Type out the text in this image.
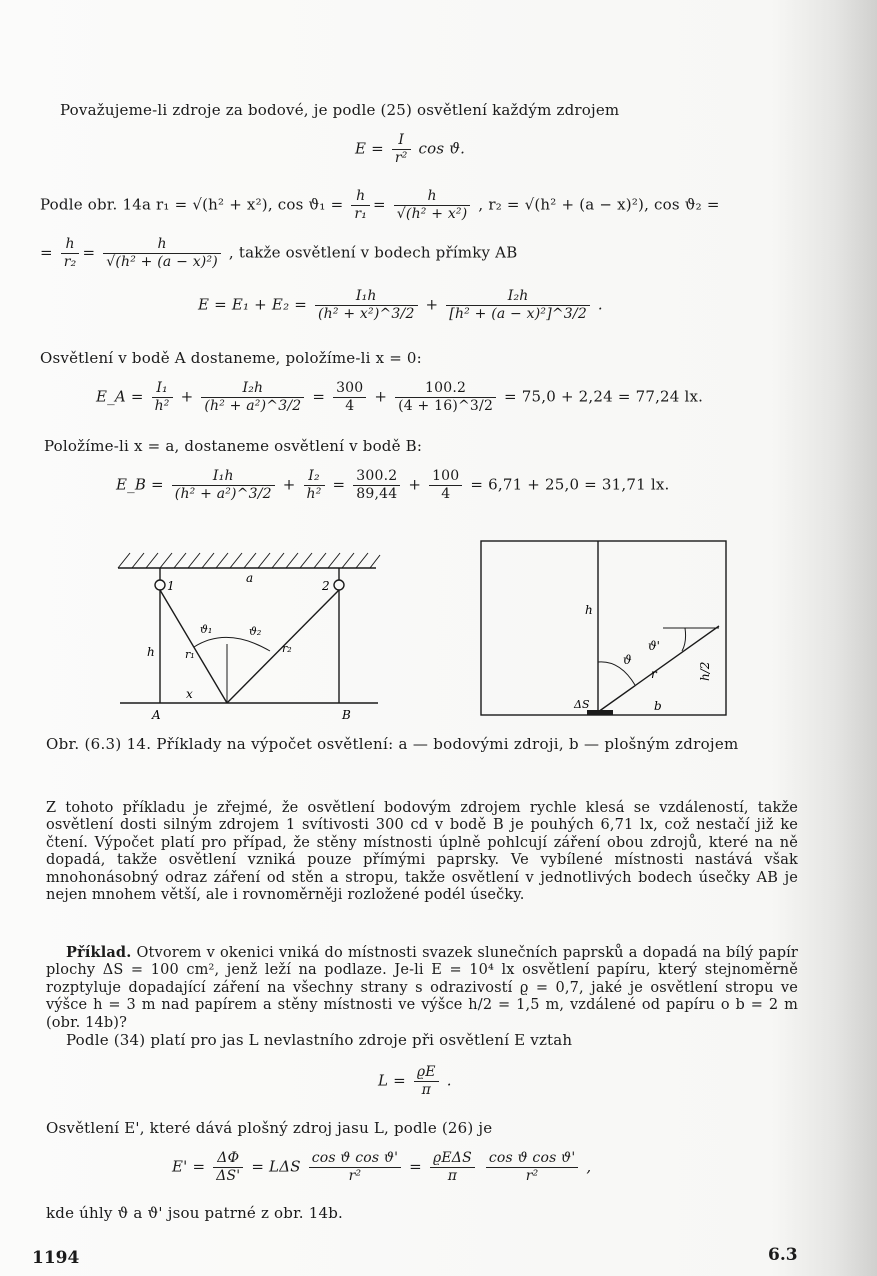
Považujeme-li zdroje za bodové, je podle (25) osvětlení každým zdrojem
$E = \frac{I}{\text{r²}}$ cos ϑ.
Podle obr. 14a r₁ = √(h² + x²), $\cos ϑ_1 = \frac{h}{\text{r₁}} = \frac{h}{\text{√(h² + x²)}}$ , r₂ = √(h² + (a − x)²), cos ϑ₂ =
= $\frac{h}{\text{r₂}} = \frac{h}{\text{√(h² + (a − x)²)}}$ , takže osvětlení v bodech přímky AB
$E = E_1 + E_2 = \frac{\text{I₁h}}{\text{(h² + x²)\textasciicircum{}3/2}} + \frac{\text{I₂h}}{\text{[h² + (a − x)²]\textasciicircum{}3/2}}$ .
Osvětlení v bodě A dostaneme, položíme-li x = 0:
E_A = $\frac{\text{I₁}}{\text{h²}} + \frac{\text{I₂h}}{\text{(h² + a²)\textasciicircum{}3/2}} = \frac{300}{4} + \frac{100.2}{(4 + 16)\^{}3/2} = 75,0 + 2,24 = 77,24$ lx.
Položíme-li x = a, dostaneme osvětlení v bodě B:
E_B = $\frac{\text{I₁h}}{\text{(h² + a²)\textasciicircum{}3/2}} + \frac{\text{I₂}}{\text{h²}} = \frac{300.2}{89,44} + \frac{100}{4} = 6,71 + 25,0 = 31,71$ lx.
1	2
a
h	r₁	r₂
ϑ₁	ϑ₂
x
A	B
h
ϑ
ϑ'
r	h/2
ΔS	b
Obr. (6.3) 14. Příklady na výpočet osvětlení: a — bodovými zdroji, b — plošným zdrojem
Z tohoto příkladu je zřejmé, že osvětlení bodovým zdrojem rychle klesá se vzdáleností, takže osvětlení dosti silným zdrojem 1 svítivosti 300 cd v bodě B je pouhých 6,71 lx, což nestačí již ke čtení. Výpočet platí pro případ, že stěny místnosti úplně pohlcují záření obou zdrojů, které na ně dopadá, takže osvětlení vzniká pouze přímými paprsky. Ve vybílené místnosti nastává však mnohonásobný odraz záření od stěn a stropu, takže osvětlení v jednotlivých bodech úsečky AB je nejen mnohem větší, ale i rovnoměrněji rozložené podél úsečky.
Příklad. Otvorem v okenici vniká do místnosti svazek slunečních paprsků a dopadá na bílý papír plochy ΔS = 100 cm², jenž leží na podlaze. Je-li E = 10⁴ lx osvětlení papíru, který stejnoměrně rozptyluje dopadající záření na všechny strany s odrazivostí ϱ = 0,7, jaké je osvětlení stropu ve výšce h = 3 m nad papírem a stěny místnosti ve výšce h/2 = 1,5 m, vzdálené od papíru o b = 2 m (obr. 14b)?
Podle (34) platí pro jas L nevlastního zdroje při osvětlení E vztah
$L = \frac{ϱE}{\pi}$ .
Osvětlení E', které dává plošný zdroj jasu L, podle (26) je
$E' = \frac{\Delta\Phi}{\Delta S'} = L\Delta S \frac{\text{cos ϑ cos ϑ'}}{\text{r²}} = \frac{\text{ϱEΔS}}{\pi}$
$\frac{\text{cos ϑ cos ϑ'}}{\text{r²}}$ ,
kde úhly ϑ a ϑ' jsou patrné z obr. 14b.
1194	6.3
